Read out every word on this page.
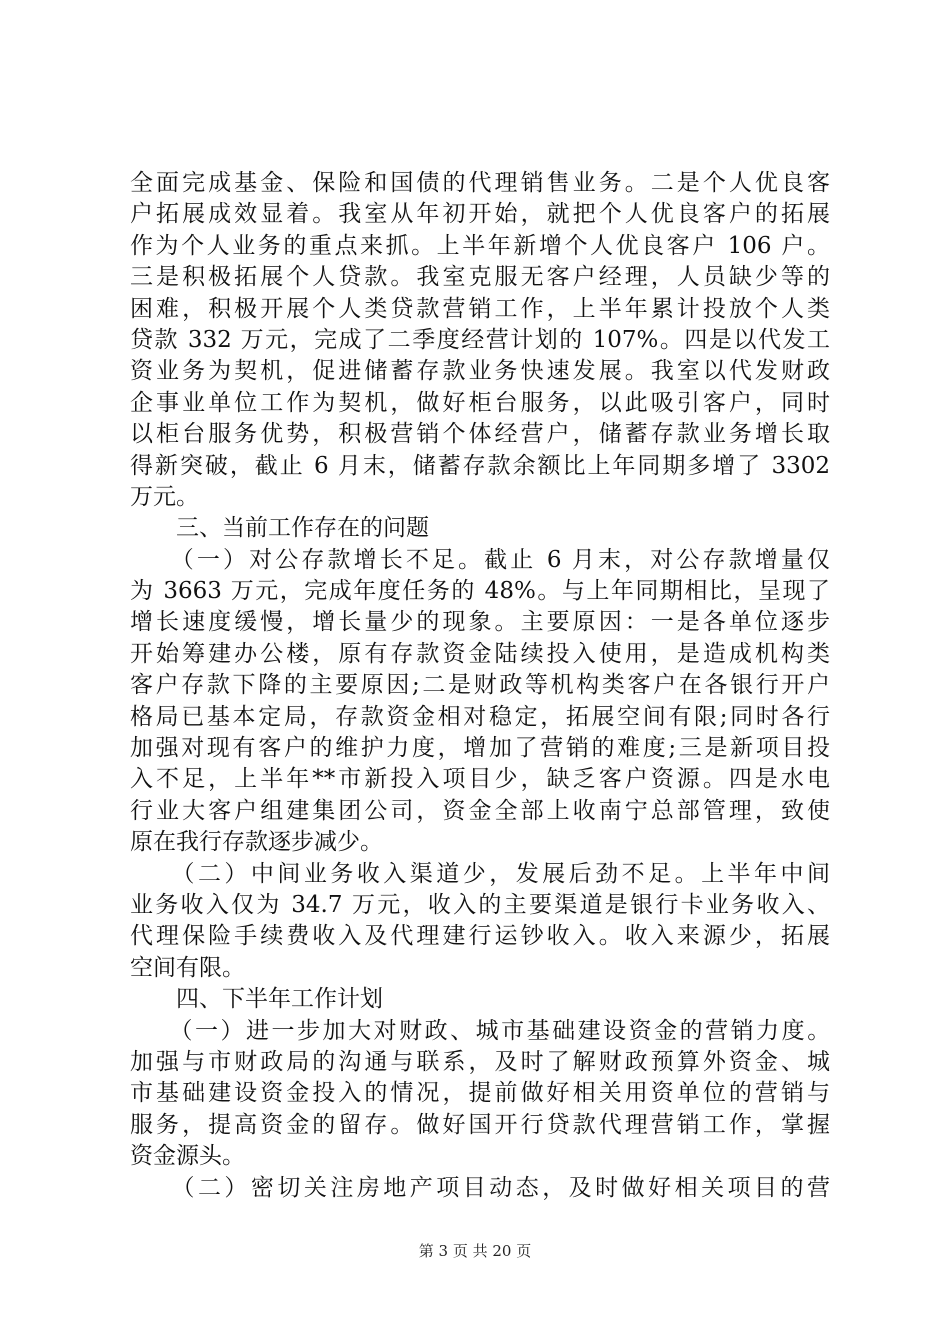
全面完成基金、保险和国债的代理销售业务。二是个人优良客
户拓展成效显着。我室从年初开始，就把个人优良客户的拓展
作为个人业务的重点来抓。上半年新增个人优良客户 106 户。
三是积极拓展个人贷款。我室克服无客户经理，人员缺少等的
困难，积极开展个人类贷款营销工作，上半年累计投放个人类
贷款 332 万元，完成了二季度经营计划的 107%。四是以代发工
资业务为契机，促进储蓄存款业务快速发展。我室以代发财政
企事业单位工作为契机，做好柜台服务，以此吸引客户，同时
以柜台服务优势，积极营销个体经营户，储蓄存款业务增长取
得新突破，截止 6 月末，储蓄存款余额比上年同期多增了 3302
万元。
　　三、当前工作存在的问题
　　（一）对公存款增长不足。截止 6 月末，对公存款增量仅
为 3663 万元，完成年度任务的 48%。与上年同期相比，呈现了
增长速度缓慢，增长量少的现象。主要原因：一是各单位逐步
开始筹建办公楼，原有存款资金陆续投入使用，是造成机构类
客户存款下降的主要原因;二是财政等机构类客户在各银行开户
格局已基本定局，存款资金相对稳定，拓展空间有限;同时各行
加强对现有客户的维护力度，增加了营销的难度;三是新项目投
入不足，上半年**市新投入项目少，缺乏客户资源。四是水电
行业大客户组建集团公司，资金全部上收南宁总部管理，致使
原在我行存款逐步减少。
　　（二）中间业务收入渠道少，发展后劲不足。上半年中间
业务收入仅为 34.7 万元，收入的主要渠道是银行卡业务收入、
代理保险手续费收入及代理建行运钞收入。收入来源少，拓展
空间有限。
　　四、下半年工作计划
　　（一）进一步加大对财政、城市基础建设资金的营销力度。
加强与市财政局的沟通与联系，及时了解财政预算外资金、城
市基础建设资金投入的情况，提前做好相关用资单位的营销与
服务，提高资金的留存。做好国开行贷款代理营销工作，掌握
资金源头。
　　（二）密切关注房地产项目动态，及时做好相关项目的营
第 3 页 共 20 页
